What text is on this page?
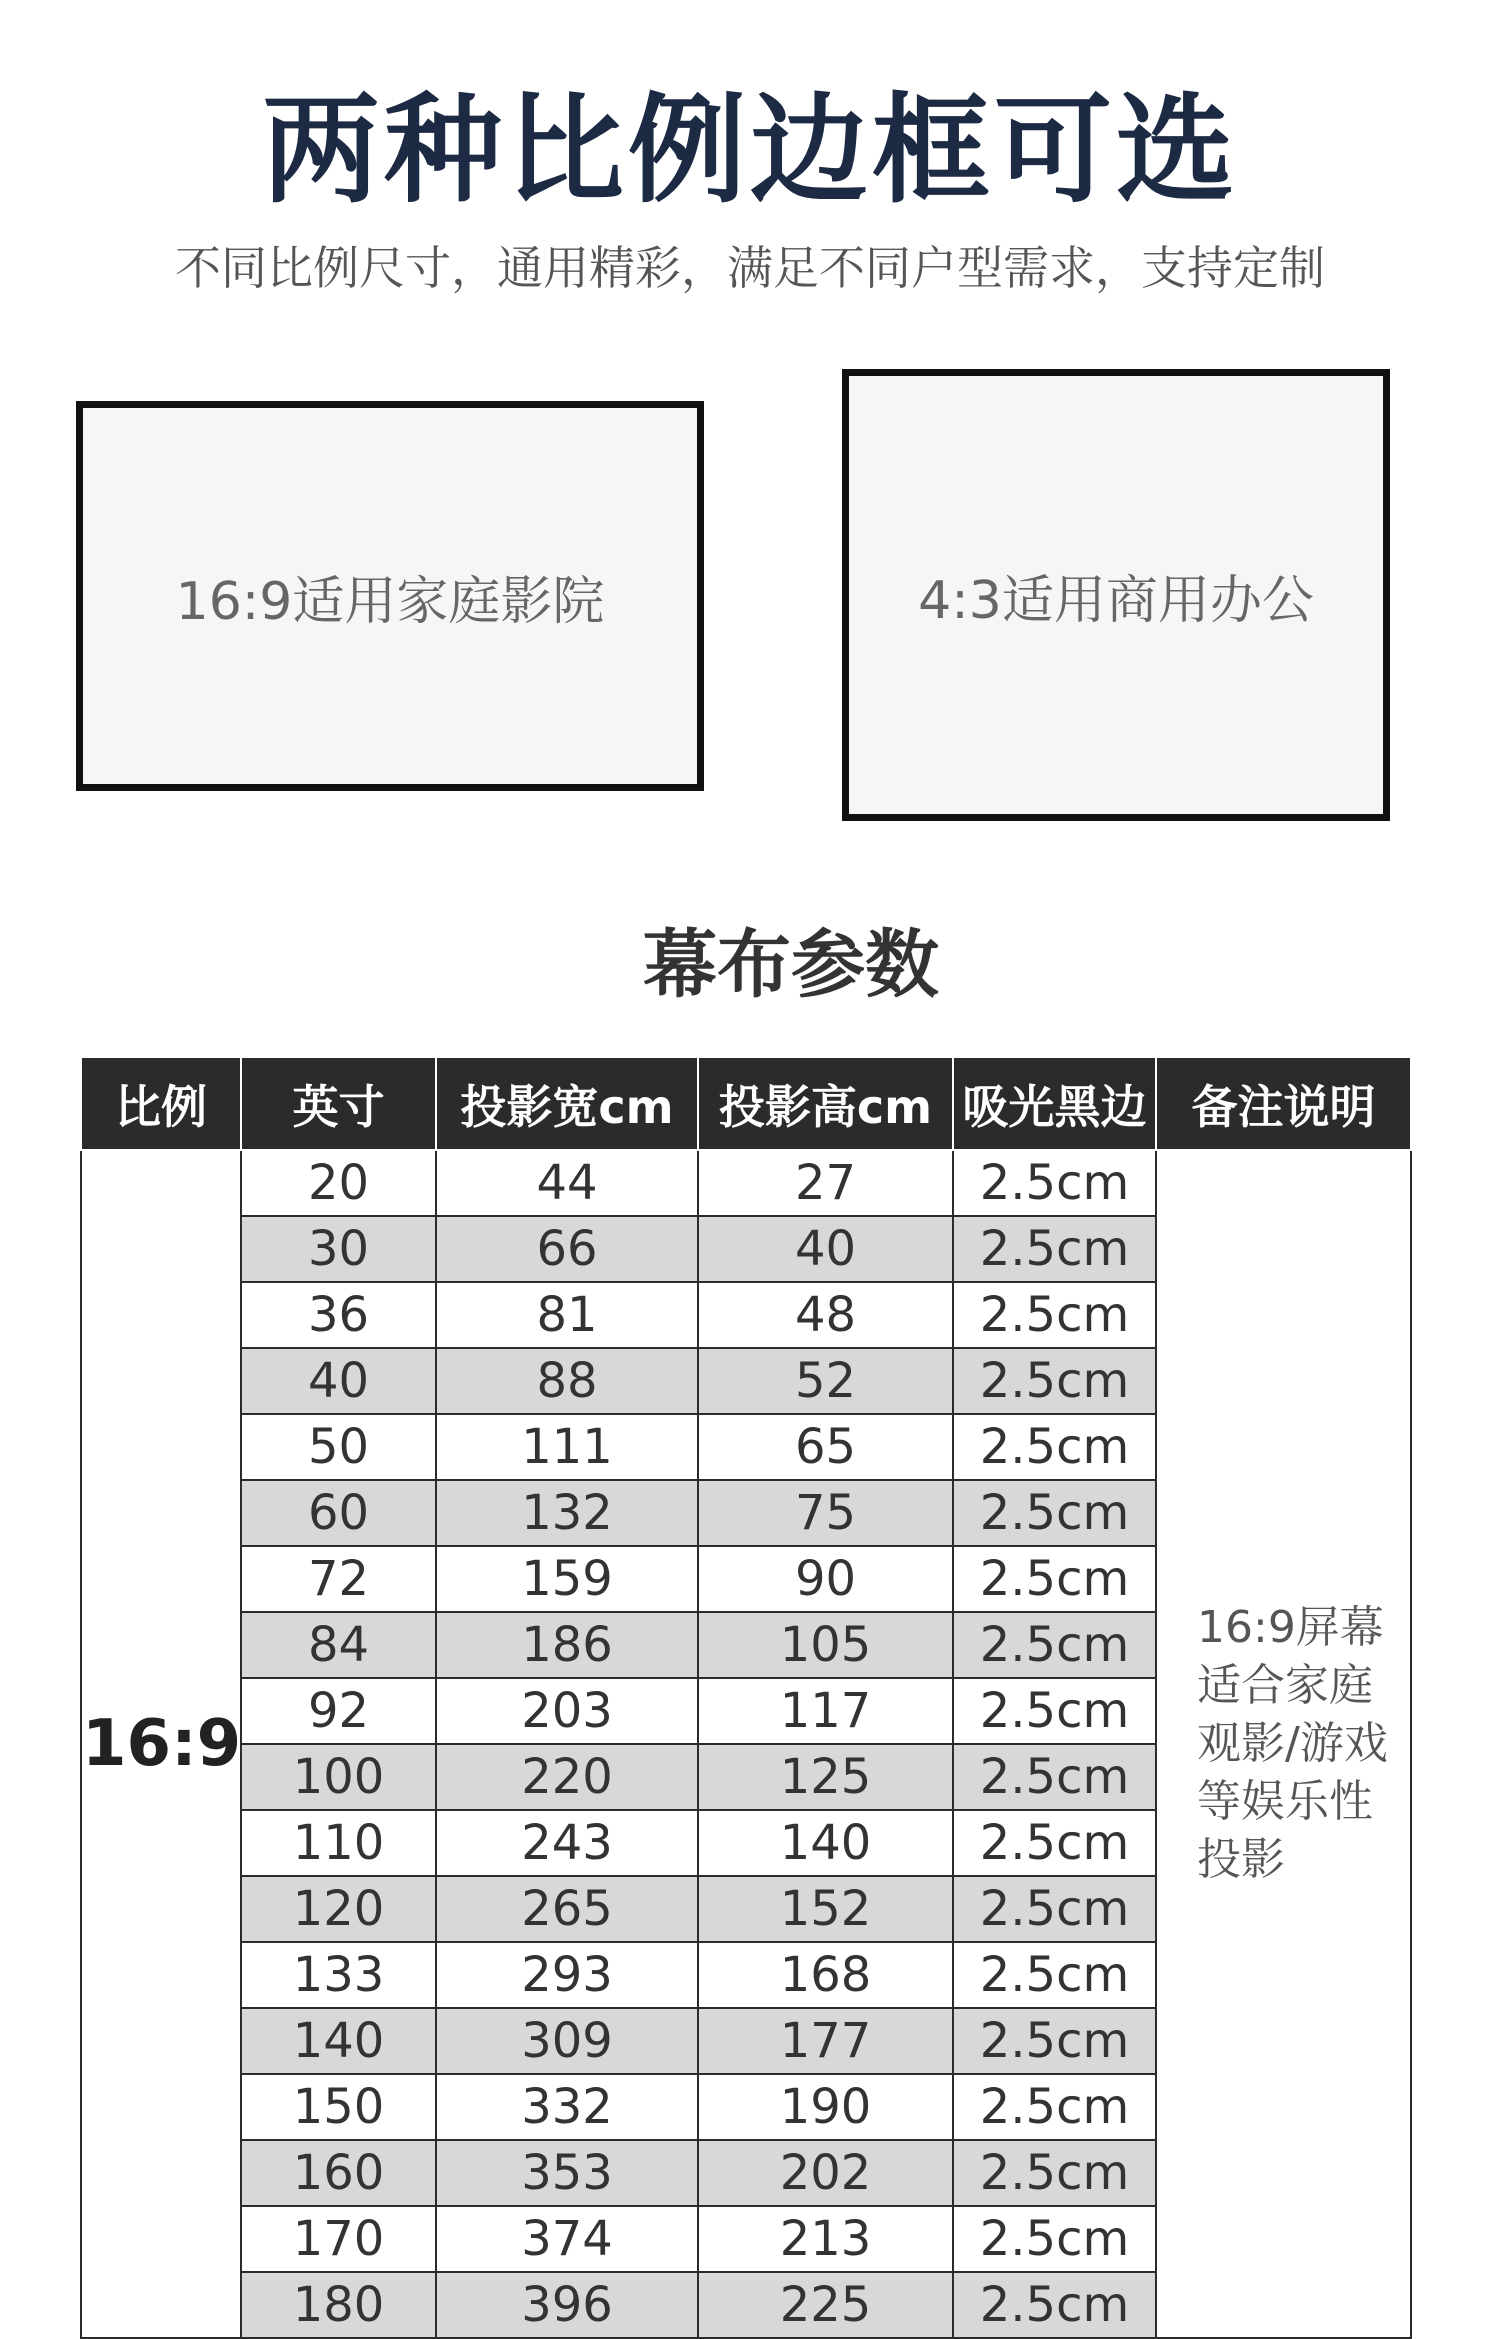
两种比例边框可选
不同比例尺寸，通用精彩，满足不同户型需求，支持定制
16:9适用家庭影院	4:3适用商用办公
幕布参数
比例	英寸	投影宽cm	投影高cm	吸光黑边	备注说明
16:9	20	44	27	2.5cm	16:9屏幕适合家庭观影/游戏等娱乐性投影

	30	66	40	2.5cm	
	36	81	48	2.5cm	
	40	88	52	2.5cm	
	50	111	65	2.5cm	
	60	132	75	2.5cm	
	72	159	90	2.5cm	
	84	186	105	2.5cm	
	92	203	117	2.5cm	
	100	220	125	2.5cm	
	110	243	140	2.5cm	
	120	265	152	2.5cm	
	133	293	168	2.5cm	
	140	309	177	2.5cm	
	150	332	190	2.5cm	
	160	353	202	2.5cm	
	170	374	213	2.5cm	
	180	396	225	2.5cm	
